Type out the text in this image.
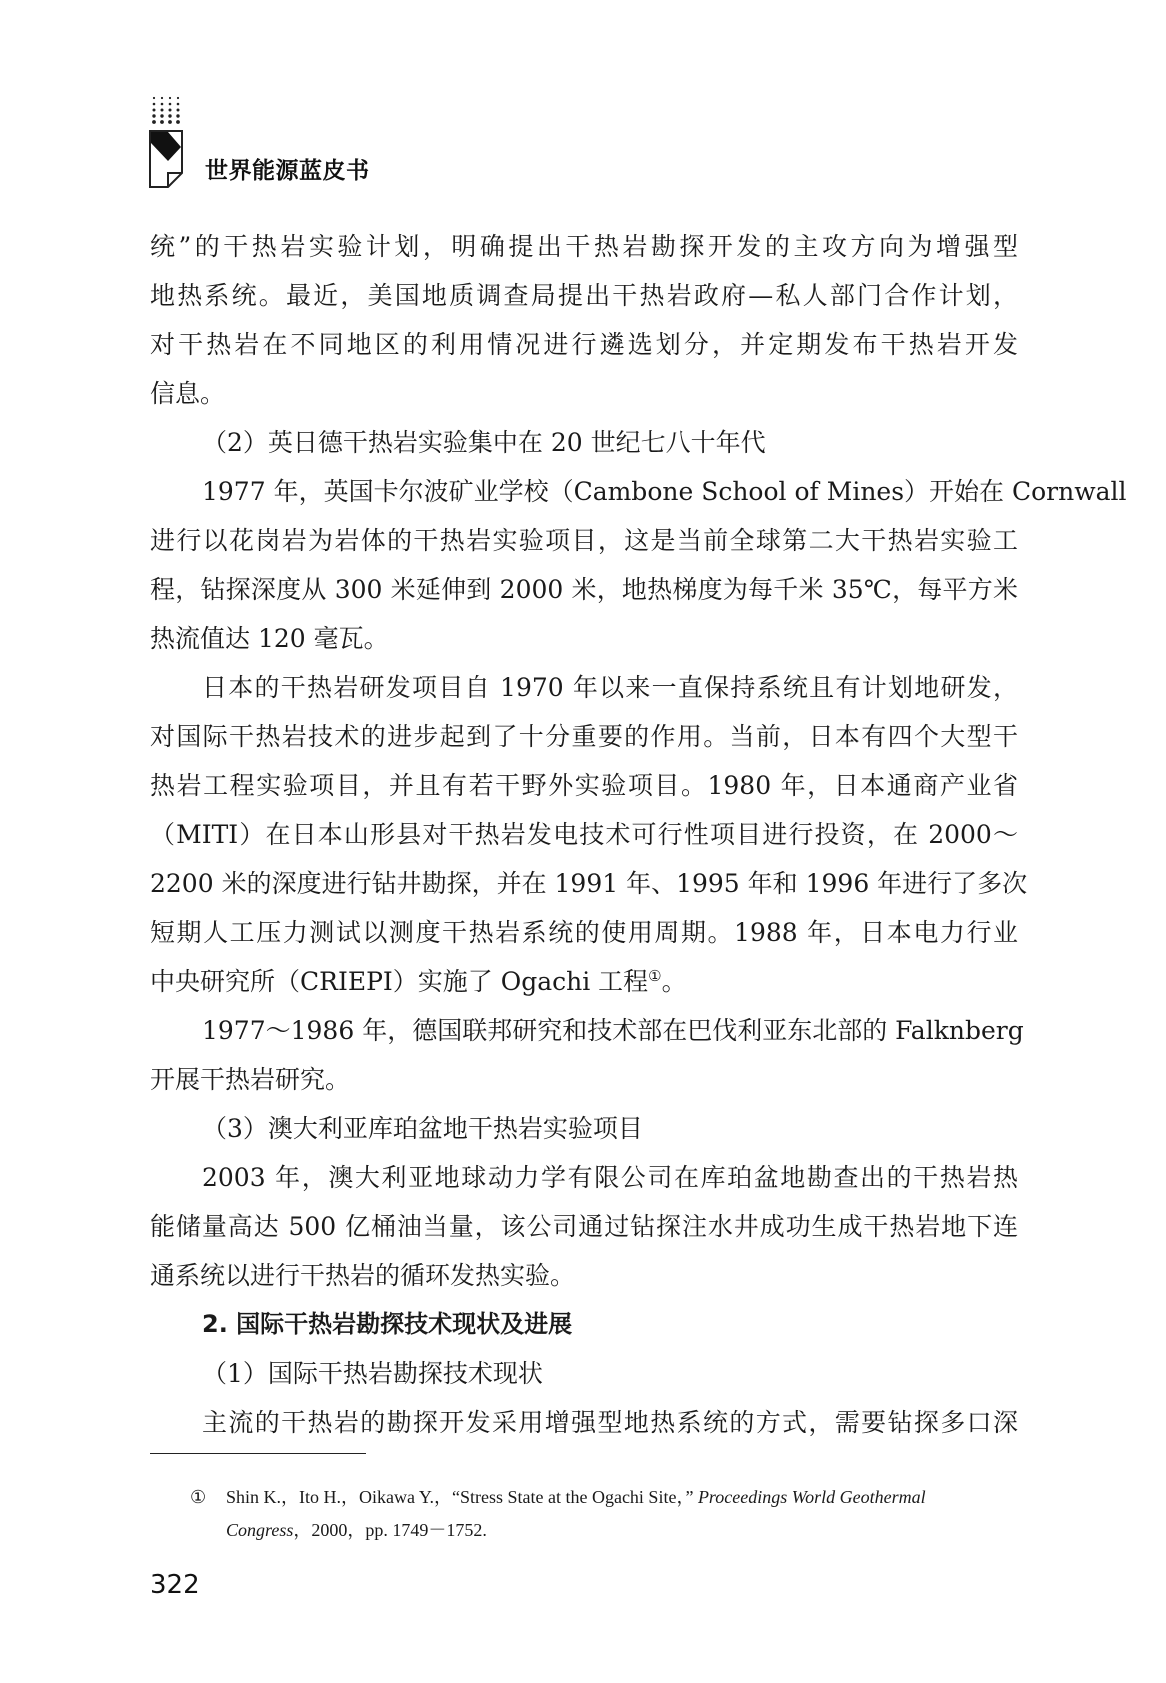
世界能源蓝皮书
统”的干热岩实验计划，明确提出干热岩勘探开发的主攻方向为增强型
地热系统。最近，美国地质调查局提出干热岩政府—私人部门合作计划，
对干热岩在不同地区的利用情况进行遴选划分，并定期发布干热岩开发
信息。
（2）英日德干热岩实验集中在 20 世纪七八十年代
1977 年，英国卡尔波矿业学校（Cambone School of Mines）开始在 Cornwall
进行以花岗岩为岩体的干热岩实验项目，这是当前全球第二大干热岩实验工
程，钻探深度从 300 米延伸到 2000 米，地热梯度为每千米 35℃，每平方米
热流值达 120 毫瓦。
日本的干热岩研发项目自 1970 年以来一直保持系统且有计划地研发，
对国际干热岩技术的进步起到了十分重要的作用。当前，日本有四个大型干
热岩工程实验项目，并且有若干野外实验项目。1980 年，日本通商产业省
（MITI）在日本山形县对干热岩发电技术可行性项目进行投资，在 2000～
2200 米的深度进行钻井勘探，并在 1991 年、1995 年和 1996 年进行了多次
短期人工压力测试以测度干热岩系统的使用周期。1988 年，日本电力行业
中央研究所（CRIEPI）实施了 Ogachi 工程①。
1977～1986 年，德国联邦研究和技术部在巴伐利亚东北部的 Falknberg
开展干热岩研究。
（3）澳大利亚库珀盆地干热岩实验项目
2003 年，澳大利亚地球动力学有限公司在库珀盆地勘查出的干热岩热
能储量高达 500 亿桶油当量，该公司通过钻探注水井成功生成干热岩地下连
通系统以进行干热岩的循环发热实验。
2. 国际干热岩勘探技术现状及进展
（1）国际干热岩勘探技术现状
主流的干热岩的勘探开发采用增强型地热系统的方式，需要钻探多口深
① Shin K.，Ito H.，Oikawa Y.，“Stress State at the Ogachi Site，” Proceedings World Geothermal
Congress，2000，pp. 1749－1752.
322
